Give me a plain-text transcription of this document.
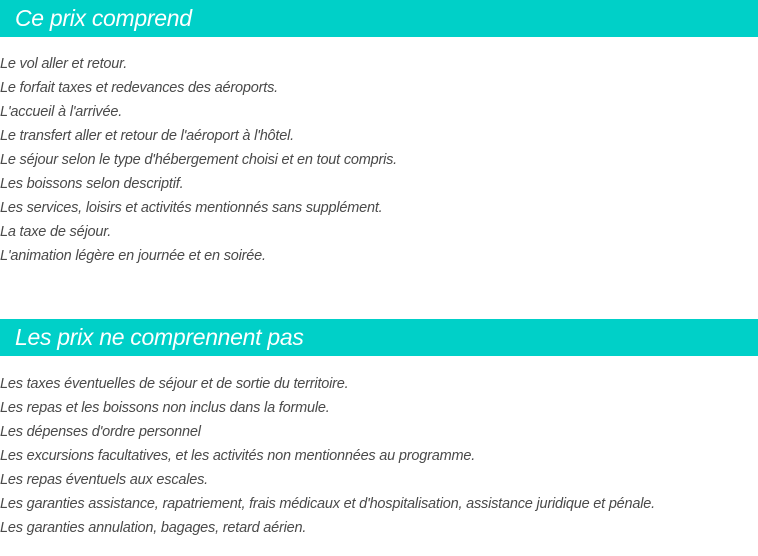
Ce prix comprend
Le vol aller et retour.
Le forfait taxes et redevances des aéroports.
L'accueil à l'arrivée.
Le transfert aller et retour de l'aéroport à l'hôtel.
Le séjour selon le type d'hébergement choisi et en tout compris.
Les boissons selon descriptif.
Les services, loisirs et activités mentionnés sans supplément.
La taxe de séjour.
L'animation légère en journée et en soirée.
Les prix ne comprennent pas
Les taxes éventuelles de séjour et de sortie du territoire.
Les repas et les boissons non inclus dans la formule.
Les dépenses d'ordre personnel
Les excursions facultatives, et les activités non mentionnées au programme.
Les repas éventuels aux escales.
Les garanties assistance, rapatriement, frais médicaux et d'hospitalisation, assistance juridique et pénale.
Les garanties annulation, bagages, retard aérien.
